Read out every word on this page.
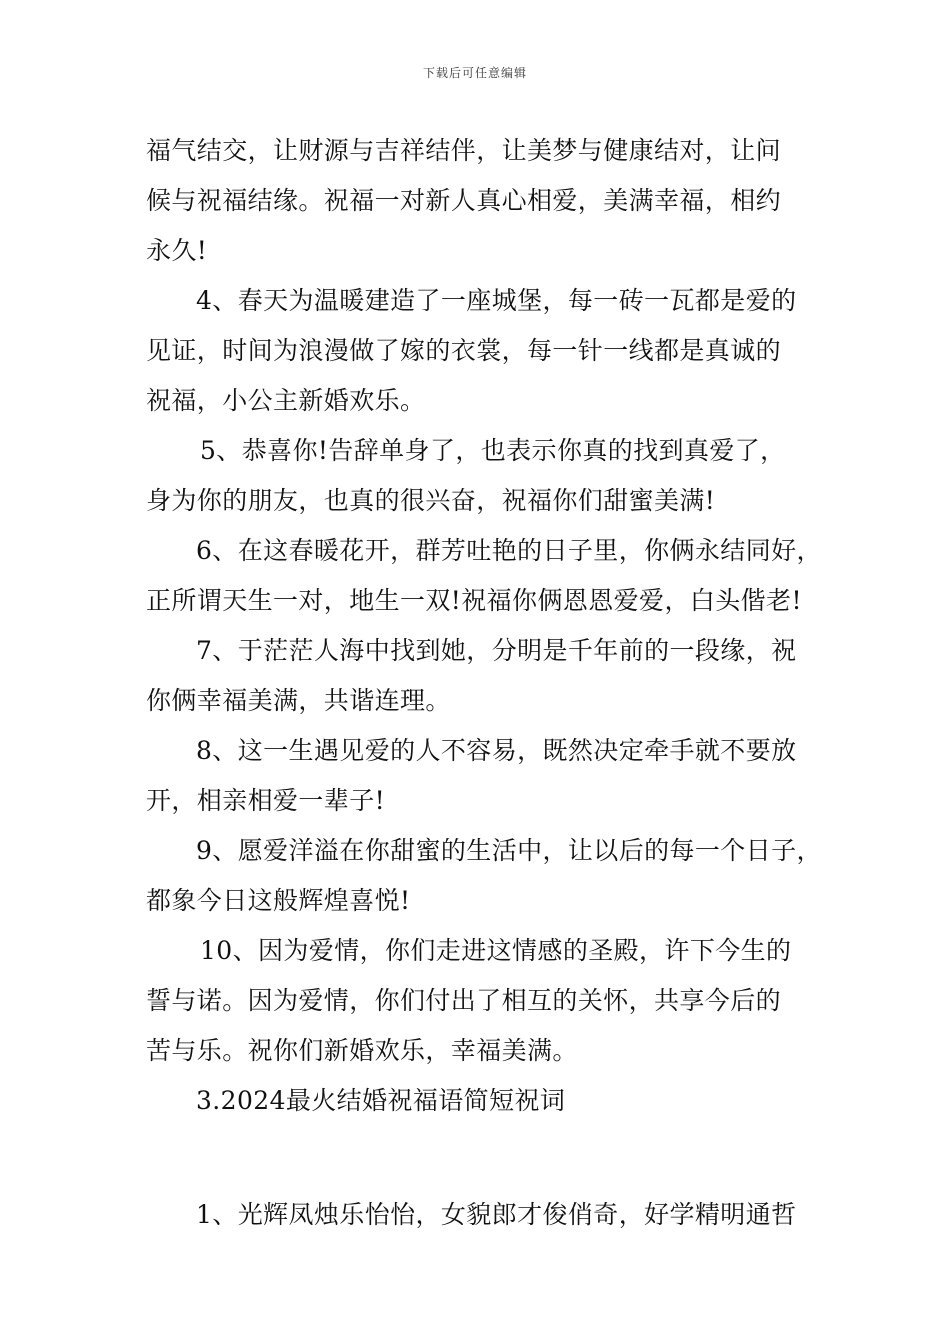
下载后可任意编辑
福气结交，让财源与吉祥结伴，让美梦与健康结对，让问
候与祝福结缘。祝福一对新人真心相爱，美满幸福，相约
永久!
4、春天为温暖建造了一座城堡，每一砖一瓦都是爱的
见证，时间为浪漫做了嫁的衣裳，每一针一线都是真诚的
祝福，小公主新婚欢乐。
5、恭喜你!告辞单身了，也表示你真的找到真爱了，
身为你的朋友，也真的很兴奋，祝福你们甜蜜美满!
6、在这春暖花开，群芳吐艳的日子里，你俩永结同好，
正所谓天生一对，地生一双!祝福你俩恩恩爱爱，白头偕老!
7、于茫茫人海中找到她，分明是千年前的一段缘，祝
你俩幸福美满，共谐连理。
8、这一生遇见爱的人不容易，既然决定牵手就不要放
开，相亲相爱一辈子!
9、愿爱洋溢在你甜蜜的生活中，让以后的每一个日子，
都象今日这般辉煌喜悦!
10、因为爱情，你们走进这情感的圣殿，许下今生的
誓与诺。因为爱情，你们付出了相互的关怀，共享今后的
苦与乐。祝你们新婚欢乐，幸福美满。
3.2024最火结婚祝福语简短祝词
1、光辉凤烛乐怡怡，女貌郎才俊俏奇，好学精明通哲
